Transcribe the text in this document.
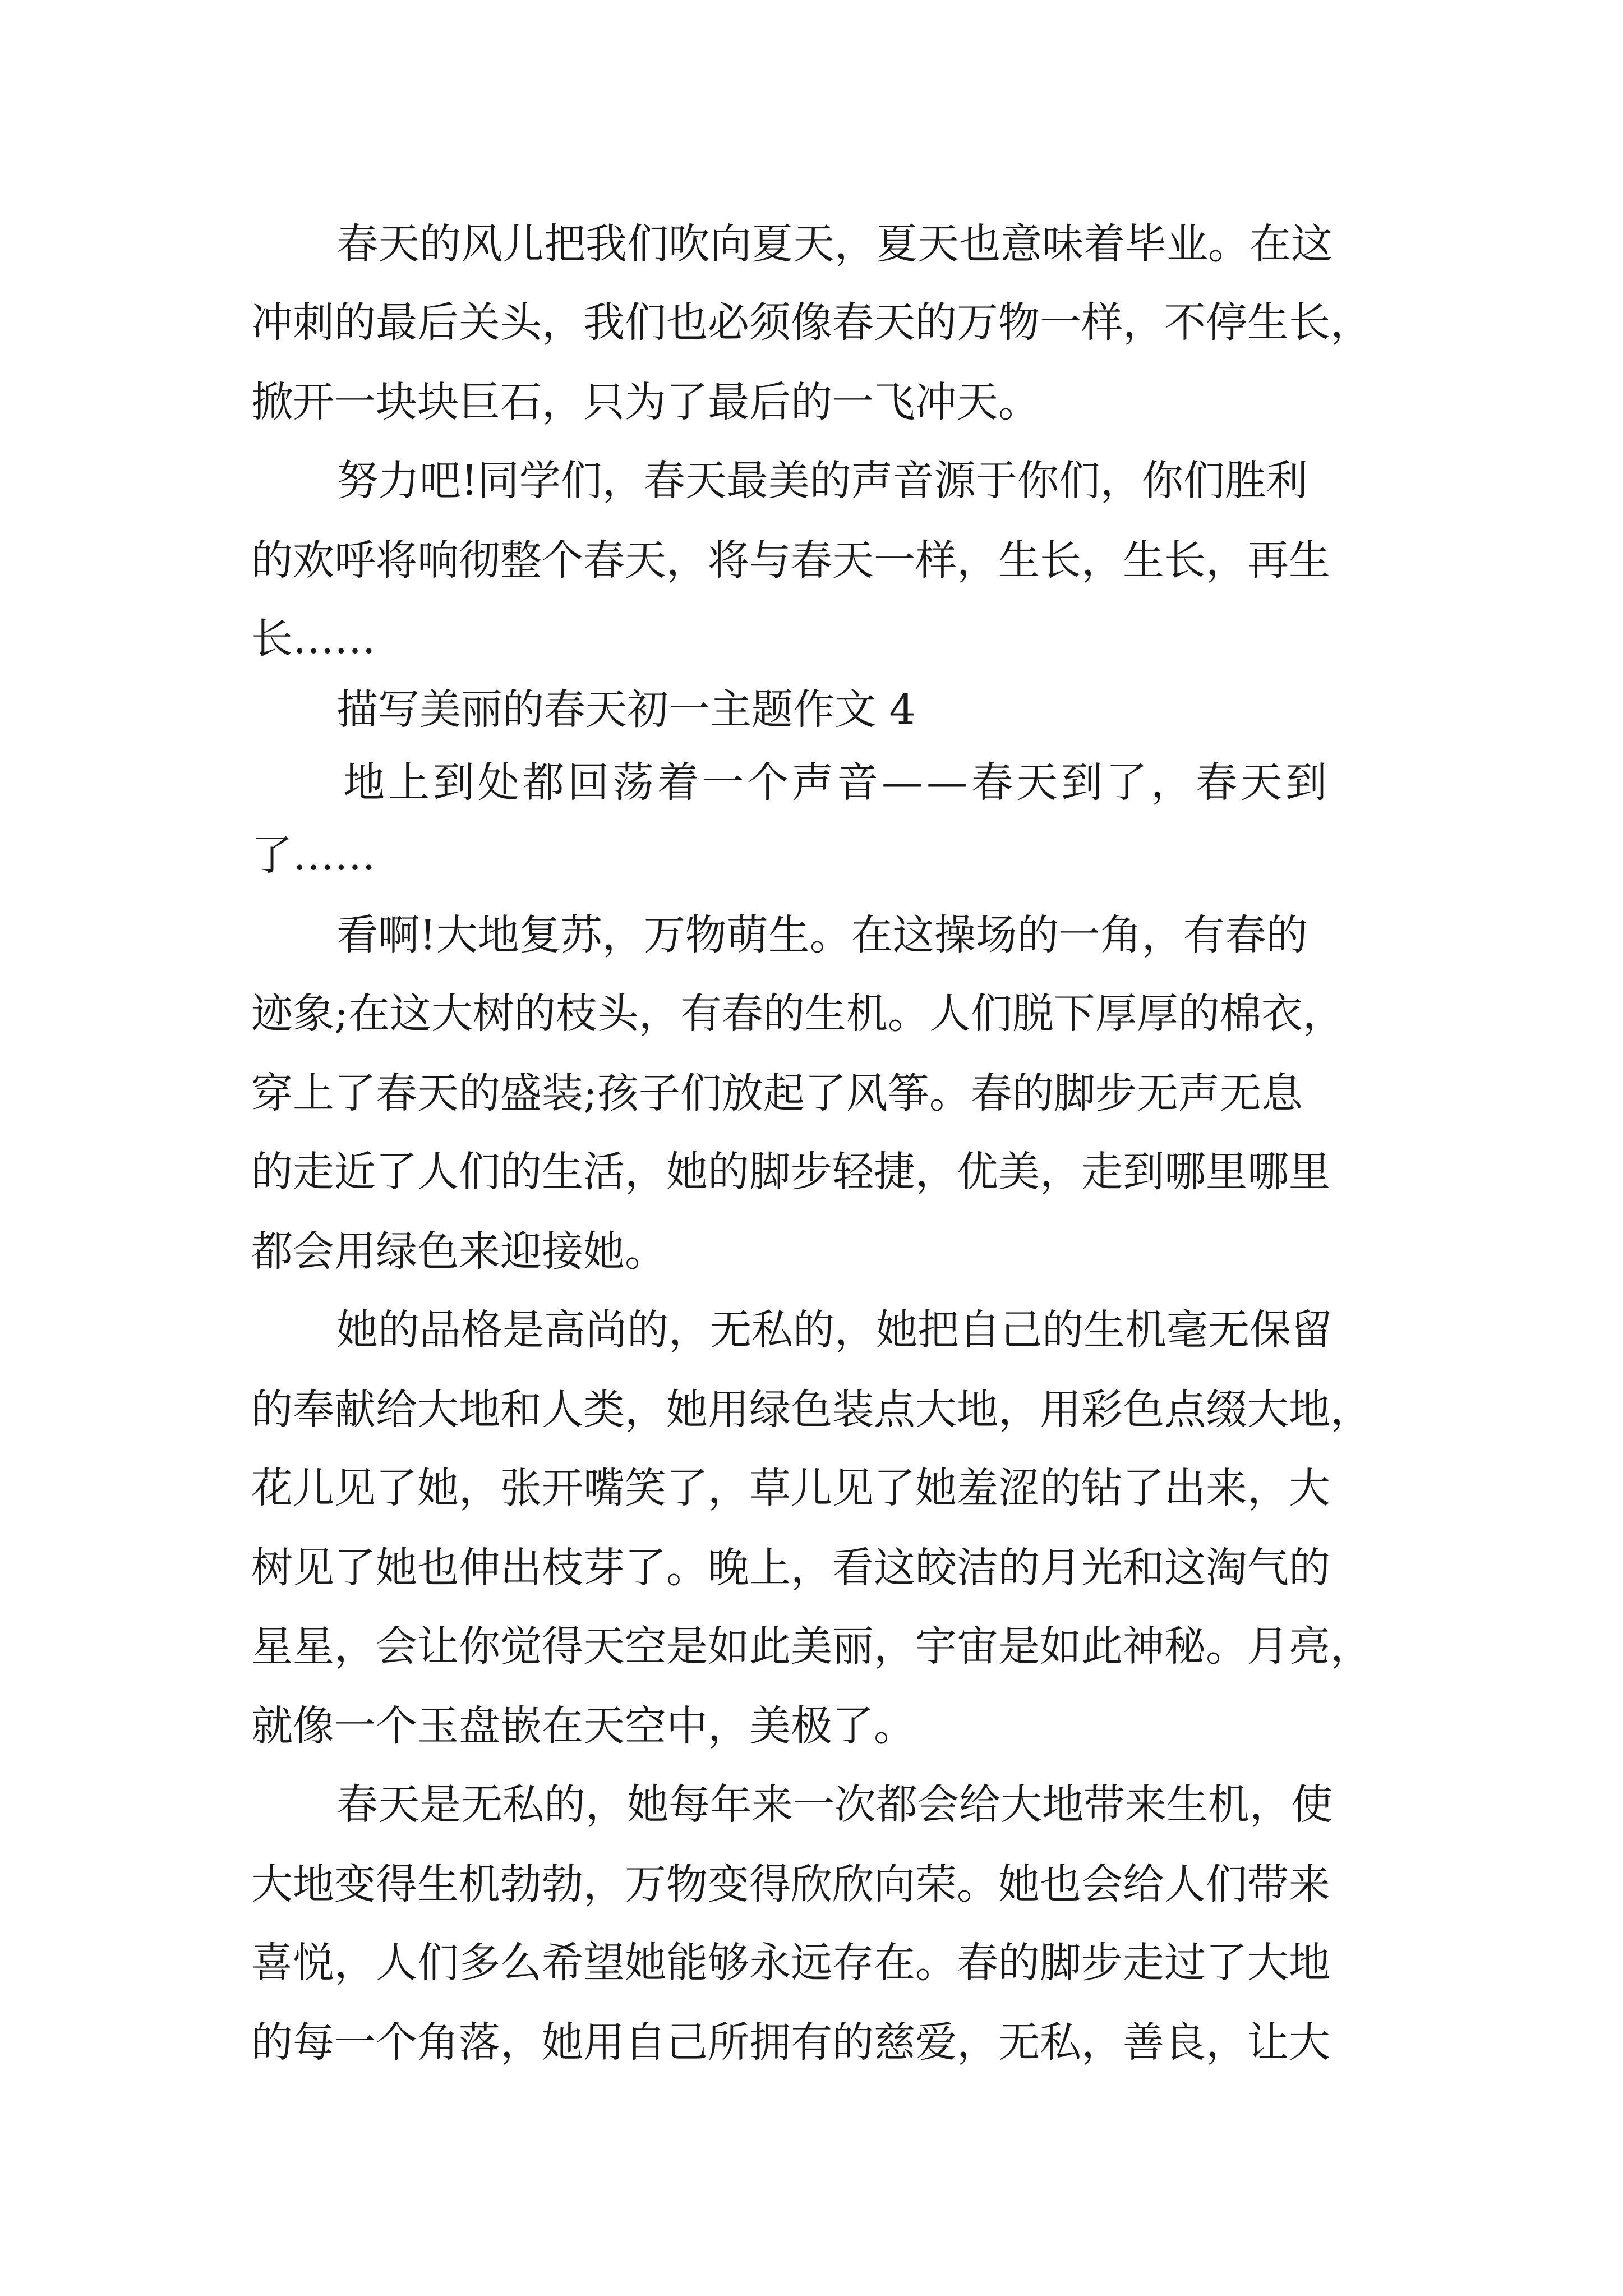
春天的风儿把我们吹向夏天，夏天也意味着毕业。在这
冲刺的最后关头，我们也必须像春天的万物一样，不停生长，
掀开一块块巨石，只为了最后的一飞冲天。
努力吧!同学们，春天最美的声音源于你们，你们胜利
的欢呼将响彻整个春天，将与春天一样，生长，生长，再生
长……
描写美丽的春天初一主题作文 4
地上到处都回荡着一个声音——春天到了，春天到
了……
看啊!大地复苏，万物萌生。在这操场的一角，有春的
迹象;在这大树的枝头，有春的生机。人们脱下厚厚的棉衣，
穿上了春天的盛装;孩子们放起了风筝。春的脚步无声无息
的走近了人们的生活，她的脚步轻捷，优美，走到哪里哪里
都会用绿色来迎接她。
她的品格是高尚的，无私的，她把自己的生机毫无保留
的奉献给大地和人类，她用绿色装点大地，用彩色点缀大地，
花儿见了她，张开嘴笑了，草儿见了她羞涩的钻了出来，大
树见了她也伸出枝芽了。晚上，看这皎洁的月光和这淘气的
星星，会让你觉得天空是如此美丽，宇宙是如此神秘。月亮，
就像一个玉盘嵌在天空中，美极了。
春天是无私的，她每年来一次都会给大地带来生机，使
大地变得生机勃勃，万物变得欣欣向荣。她也会给人们带来
喜悦，人们多么希望她能够永远存在。春的脚步走过了大地
的每一个角落，她用自己所拥有的慈爱，无私，善良，让大
